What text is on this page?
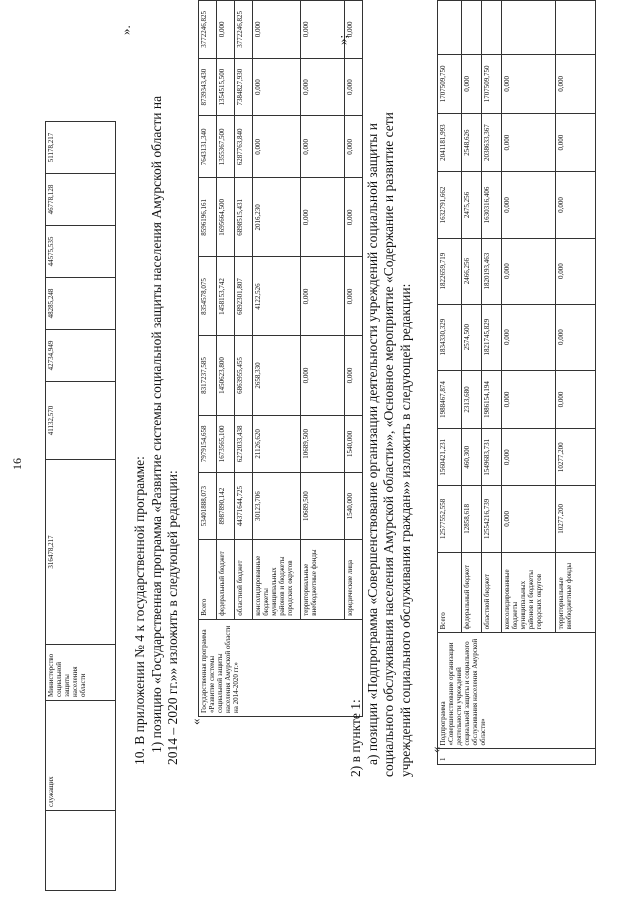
16
	служащих	Министерство социальной защиты населения области	316478,217	41132,570	42734,949	48285,248	44575,535	46778,128	51178,217
».
10. В приложении № 4 к государственной программе: 1) позицию «Государственная программа «Развитие системы социальной защиты населения Амурской области на 2014 – 2020 гг.»» изложить в следующей редакции: «
Государственная программа «Развитие системы социальной защиты населения Амурской области на 2014-2020 гг.»	Всего	53401888,073	7979154,658	8317237,585	8354578,075	8596196,161	7643131,340	8739343,430	3772246,825
	федеральный бюджет	8987890,142	1673565,100	1450623,800	1458153,742	1695664,500	1355367,500	1354515,500	0,000
	областной бюджет	44371644,725	6272033,438	6863955,455	6892301,807	6898515,431	6287763,840	7384827,930	3772246,825
	консолидированные бюджеты муниципальных районов и бюджеты городских округов	30123,706	21126,620	2658,330	4122,526	2016,230	0,000	0,000	0,000
	территориальные внебюджетные фонды	10689,500	10689,500	0,000	0,000	0,000	0,000	0,000	0,000
	юридические лица	1540,000	1540,000	0,000	0,000	0,000	0,000	0,000	0,000
»;
2) в пункте 1: а) позиции «Подпрограмма «Совершенствование организации деятельности учреждений социальной защиты и социального обслуживания населения Амурской области»», «Основное мероприятие «Содержание и развитие сети учреждений социального обслуживания граждан»» изложить в следующей редакции: «
1	Подпрограмма «Совершенствование организации деятельности учреждений социальной защиты и социального обслуживания населения Амурской области»	Всего	12577552,558	1560421,231	1988467,874	1834330,329	1822659,719	1632791,662	2041181,993	1707509,750	
		федеральный бюджет	12858,618	460,300	2313,680	2574,500	2466,256	2475,256	2548,626	0,000	
		областной бюджет	12554216,739	1549683,731	1986154,194	1821745,829	1820193,463	1630316,406	2038633,367	1707509,750	
		консолидированные бюджеты муниципальных районов и бюджеты городских округов	0,000	0,000	0,000	0,000	0,000	0,000	0,000	0,000	
		территориальные внебюджетные фонды	10277,200	10277,200	0,000	0,000	0,000	0,000	0,000	0,000	
